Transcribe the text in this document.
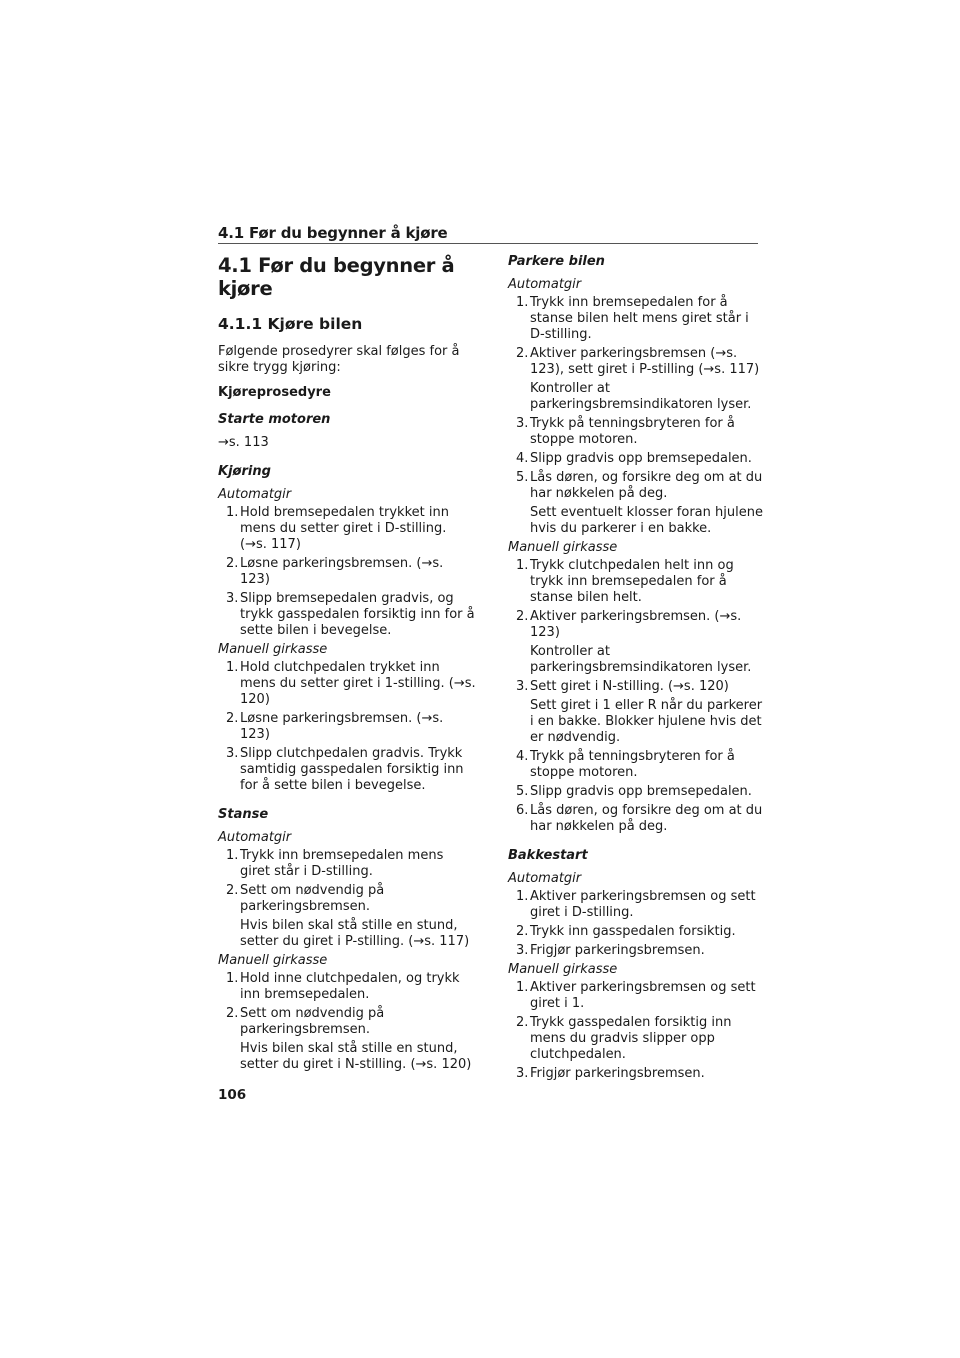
4.1 Før du begynner å kjøre
4.1 Før du begynner å kjøre
4.1.1 Kjøre bilen

Følgende prosedyrer skal følges for å sikre trygg kjøring:

Kjøreprosedyre
Starte motoren

→s. 113

Kjøring
Automatgir
1. Hold bremsepedalen trykket inn mens du setter giret i D-stilling. (→s. 117)
2. Løsne parkeringsbremsen. (→s. 123)
3. Slipp bremsepedalen gradvis, og trykk gasspedalen forsiktig inn for å sette bilen i bevegelse.
Manuell girkasse
1. Hold clutchpedalen trykket inn mens du setter giret i 1-stilling. (→s. 120)
2. Løsne parkeringsbremsen. (→s. 123)
3. Slipp clutchpedalen gradvis. Trykk samtidig gasspedalen forsiktig inn for å sette bilen i bevegelse.
Stanse
Automatgir
1. Trykk inn bremsepedalen mens giret står i D-stilling.
2. Sett om nødvendig på parkeringsbremsen.
Hvis bilen skal stå stille en stund, setter du giret i P-stilling. (→s. 117)
Manuell girkasse
1. Hold inne clutchpedalen, og trykk inn bremsepedalen.
2. Sett om nødvendig på parkeringsbremsen.
Hvis bilen skal stå stille en stund, setter du giret i N-stilling. (→s. 120)
Parkere bilen
Automatgir
1. Trykk inn bremsepedalen for å stanse bilen helt mens giret står i D-stilling.
2. Aktiver parkeringsbremsen (→s. 123), sett giret i P-stilling (→s. 117)
Kontroller at parkeringsbremsindikatoren lyser.
3. Trykk på tenningsbryteren for å stoppe motoren.
4. Slipp gradvis opp bremsepedalen.
5. Lås døren, og forsikre deg om at du har nøkkelen på deg.
Sett eventuelt klosser foran hjulene hvis du parkerer i en bakke.
Manuell girkasse
1. Trykk clutchpedalen helt inn og trykk inn bremsepedalen for å stanse bilen helt.
2. Aktiver parkeringsbremsen. (→s. 123)
Kontroller at parkeringsbremsindikatoren lyser.
3. Sett giret i N-stilling. (→s. 120)
Sett giret i 1 eller R når du parkerer i en bakke. Blokker hjulene hvis det er nødvendig.
4. Trykk på tenningsbryteren for å stoppe motoren.
5. Slipp gradvis opp bremsepedalen.
6. Lås døren, og forsikre deg om at du har nøkkelen på deg.
Bakkestart
Automatgir
1. Aktiver parkeringsbremsen og sett giret i D-stilling.
2. Trykk inn gasspedalen forsiktig.
3. Frigjør parkeringsbremsen.
Manuell girkasse
1. Aktiver parkeringsbremsen og sett giret i 1.
2. Trykk gasspedalen forsiktig inn mens du gradvis slipper opp clutchpedalen.
3. Frigjør parkeringsbremsen.
106
